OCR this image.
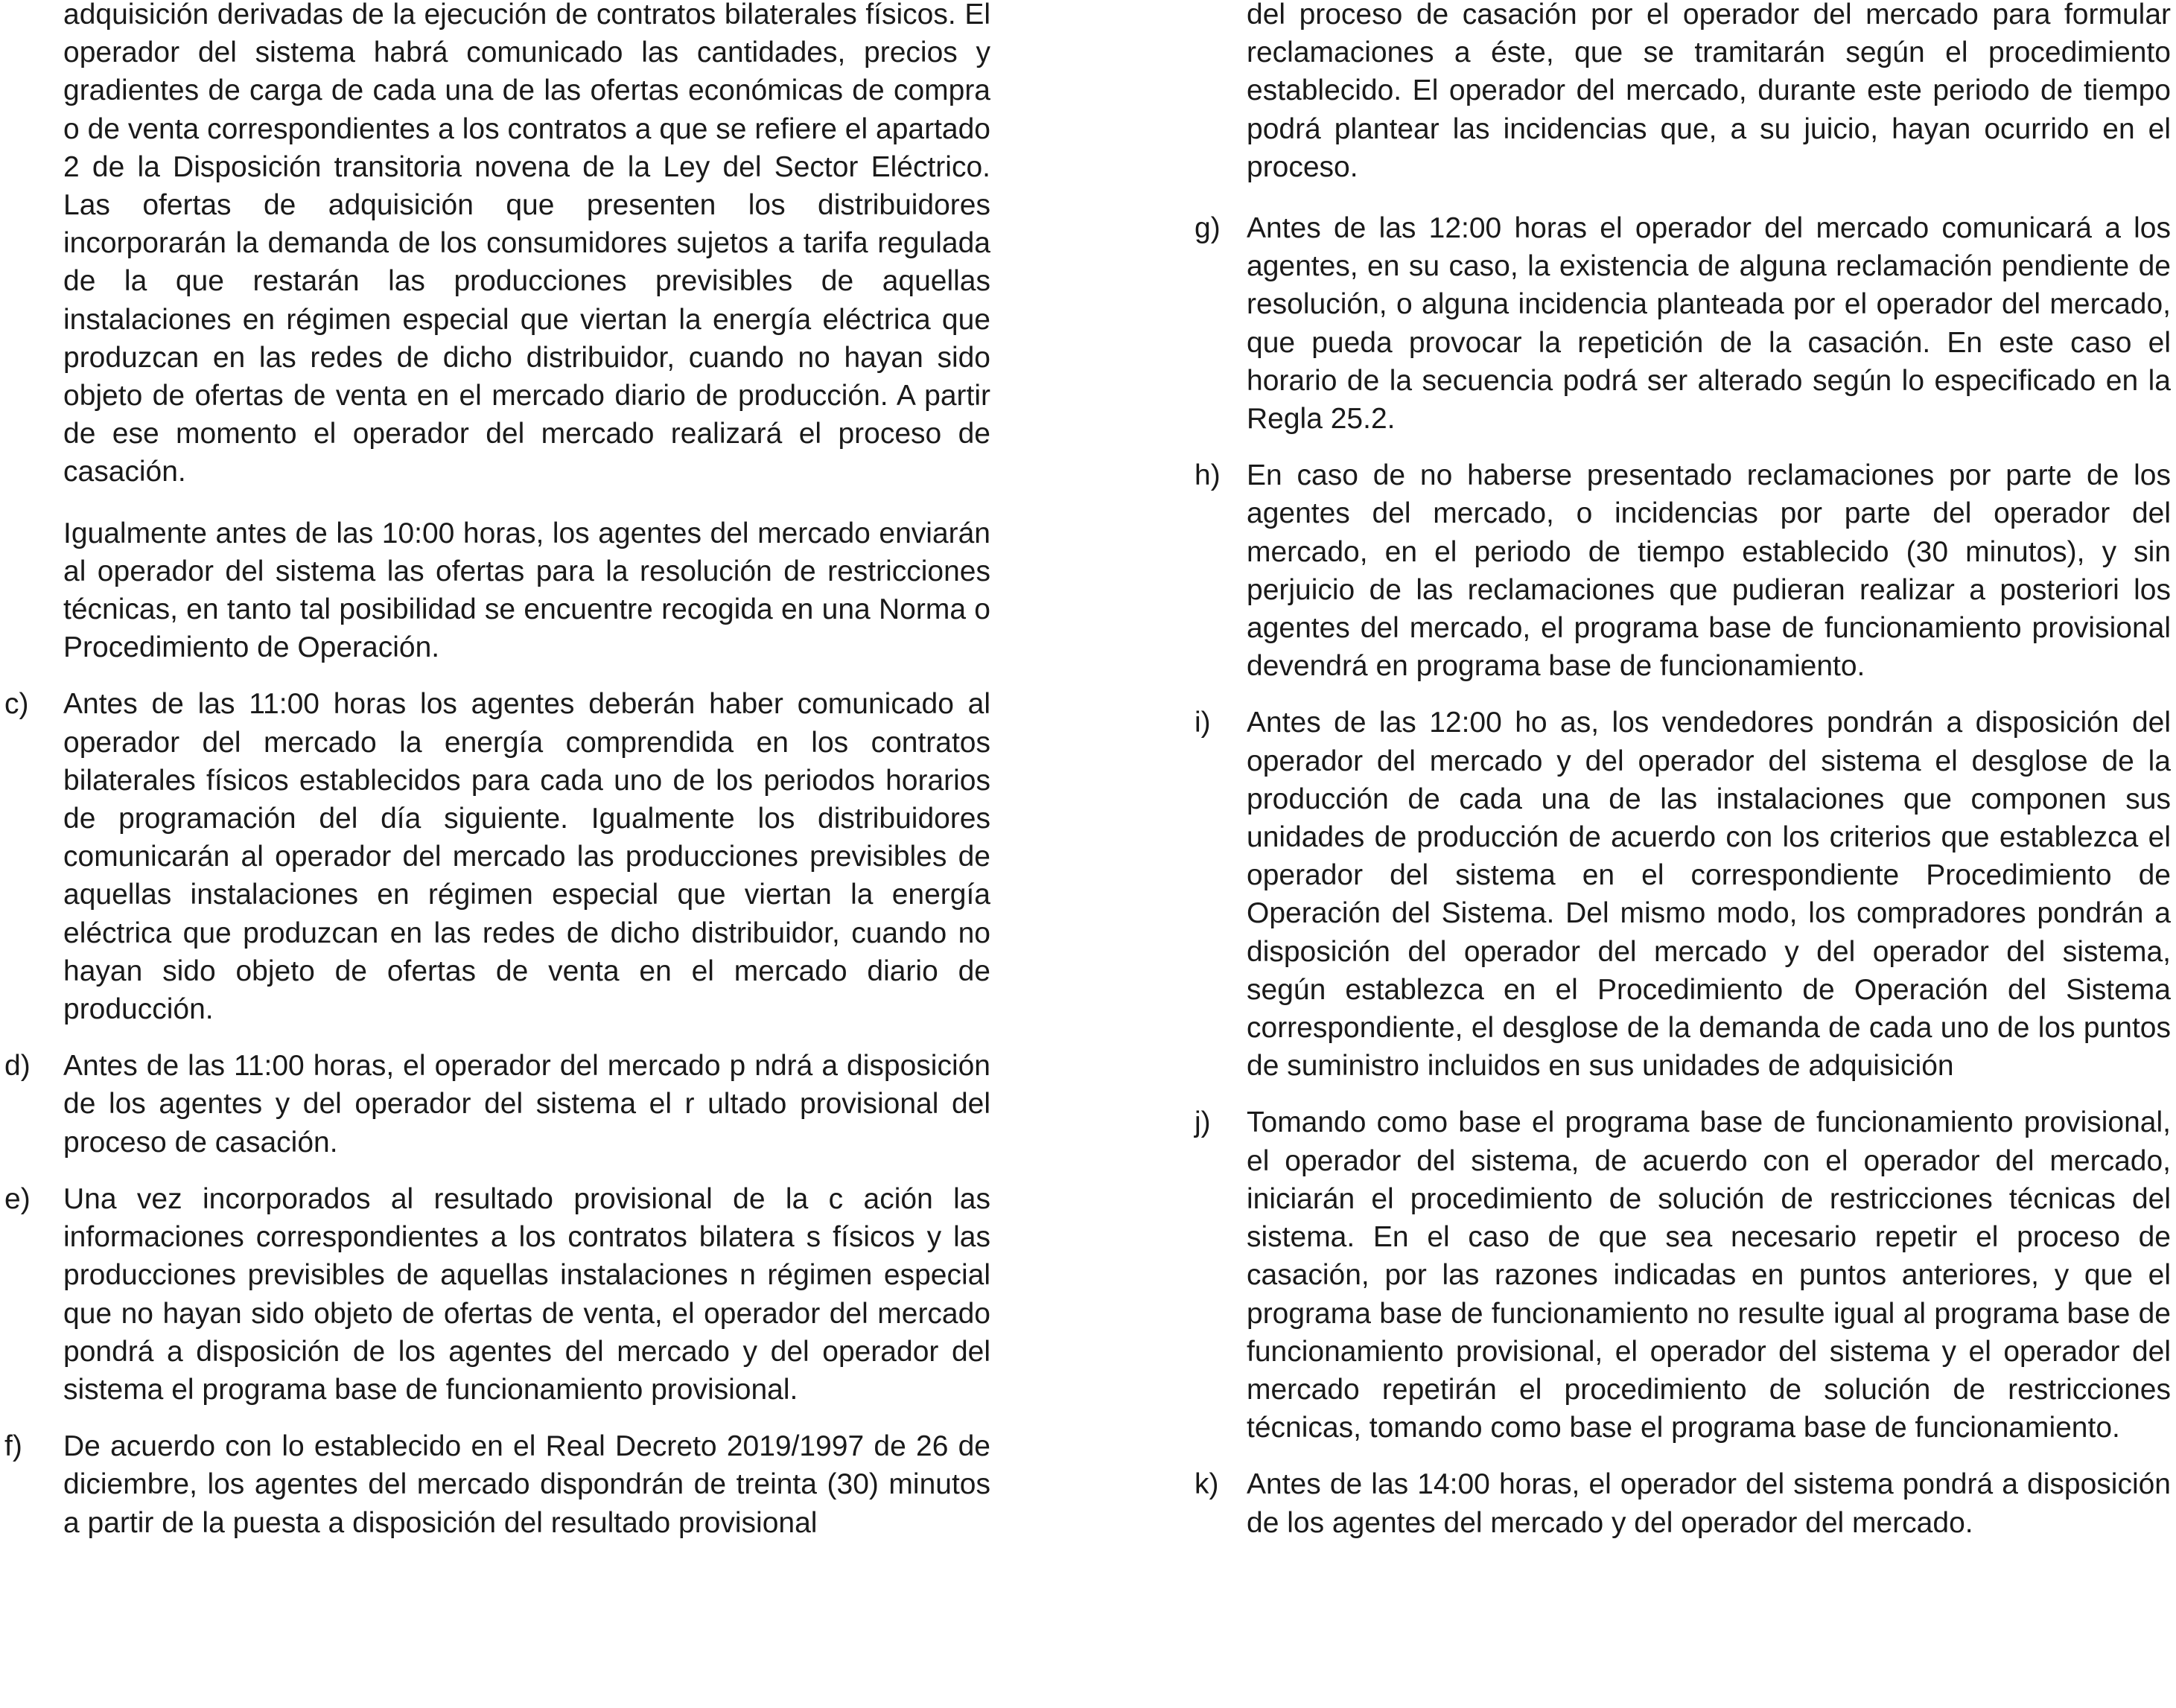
adquisición derivadas de la ejecución de contratos bilaterales físicos. El operador del sistema habrá comunicado las cantidades, precios y gradientes de carga de cada una de las ofertas económicas de compra o de venta correspondientes a los contratos a que se refiere el apartado 2 de la Disposición transitoria novena de la Ley del Sector Eléctrico. Las ofertas de adquisición que presenten los distribuidores incorporarán la demanda de los consumidores sujetos a tarifa regulada de la que restarán las producciones previsibles de aquellas instalaciones en régimen especial que viertan la energía eléctrica que produzcan en las redes de dicho distribuidor, cuando no hayan sido objeto de ofertas de venta en el mercado diario de producción. A partir de ese momento el operador del mercado realizará el proceso de casación.

Igualmente antes de las 10:00 horas, los agentes del mercado enviarán al operador del sistema las ofertas para la resolución de restricciones técnicas, en tanto tal posibilidad se encuentre recogida en una Norma o Procedimiento de Operación.

c) Antes de las 11:00 horas los agentes deberán haber comunicado al operador del mercado la energía comprendida en los contratos bilaterales físicos establecidos para cada uno de los periodos horarios de programación del día siguiente. Igualmente los distribuidores comunicarán al operador del mercado las producciones previsibles de aquellas instalaciones en régimen especial que viertan la energía eléctrica que produzcan en las redes de dicho distribuidor, cuando no hayan sido objeto de ofertas de venta en el mercado diario de producción.
d) Antes de las 11:00 horas, el operador del mercado p ndrá a disposición de los agentes y del operador del sistema el r ultado provisional del proceso de casación.
e) Una vez incorporados al resultado provisional de la c ación las informaciones correspondientes a los contratos bilatera s físicos y las producciones previsibles de aquellas instalaciones n régimen especial que no hayan sido objeto de ofertas de venta, el operador del mercado pondrá a disposición de los agentes del mercado y del operador del sistema el programa base de funcionamiento provisional.
f) De acuerdo con lo establecido en el Real Decreto 2019/1997 de 26 de diciembre, los agentes del mercado dispondrán de treinta (30) minutos a partir de la puesta a disposición del resultado provisional

del proceso de casación por el operador del mercado para formular reclamaciones a éste, que se tramitarán según el procedimiento establecido. El operador del mercado, durante este periodo de tiempo podrá plantear las incidencias que, a su juicio, hayan ocurrido en el proceso.

g) Antes de las 12:00 horas el operador del mercado comunicará a los agentes, en su caso, la existencia de alguna reclamación pendiente de resolución, o alguna incidencia planteada por el operador del mercado, que pueda provocar la repetición de la casación. En este caso el horario de la secuencia podrá ser alterado según lo especificado en la Regla 25.2.
h) En caso de no haberse presentado reclamaciones por parte de los agentes del mercado, o incidencias por parte del operador del mercado, en el periodo de tiempo establecido (30 minutos), y sin perjuicio de las reclamaciones que pudieran realizar a posteriori los agentes del mercado, el programa base de funcionamiento provisional devendrá en programa base de funcionamiento.
i) Antes de las 12:00 ho as, los vendedores pondrán a disposición del operador del mercado y del operador del sistema el desglose de la producción de cada una de las instalaciones que componen sus unidades de producción de acuerdo con los criterios que establezca el operador del sistema en el correspondiente Procedimiento de Operación del Sistema. Del mismo modo, los compradores pondrán a disposición del operador del mercado y del operador del sistema, según establezca en el Procedimiento de Operación del Sistema correspondiente, el desglose de la demanda de cada uno de los puntos de suministro incluidos en sus unidades de adquisición
j) Tomando como base el programa base de funcionamiento provisional, el operador del sistema, de acuerdo con el operador del mercado, iniciarán el procedimiento de solución de restricciones técnicas del sistema. En el caso de que sea necesario repetir el proceso de casación, por las razones indicadas en puntos anteriores, y que el programa base de funcionamiento no resulte igual al programa base de funcionamiento provisional, el operador del sistema y el operador del mercado repetirán el procedimiento de solución de restricciones técnicas, tomando como base el programa base de funcionamiento.
k) Antes de las 14:00 horas, el operador del sistema pondrá a disposición de los agentes del mercado y del operador del mercado.
